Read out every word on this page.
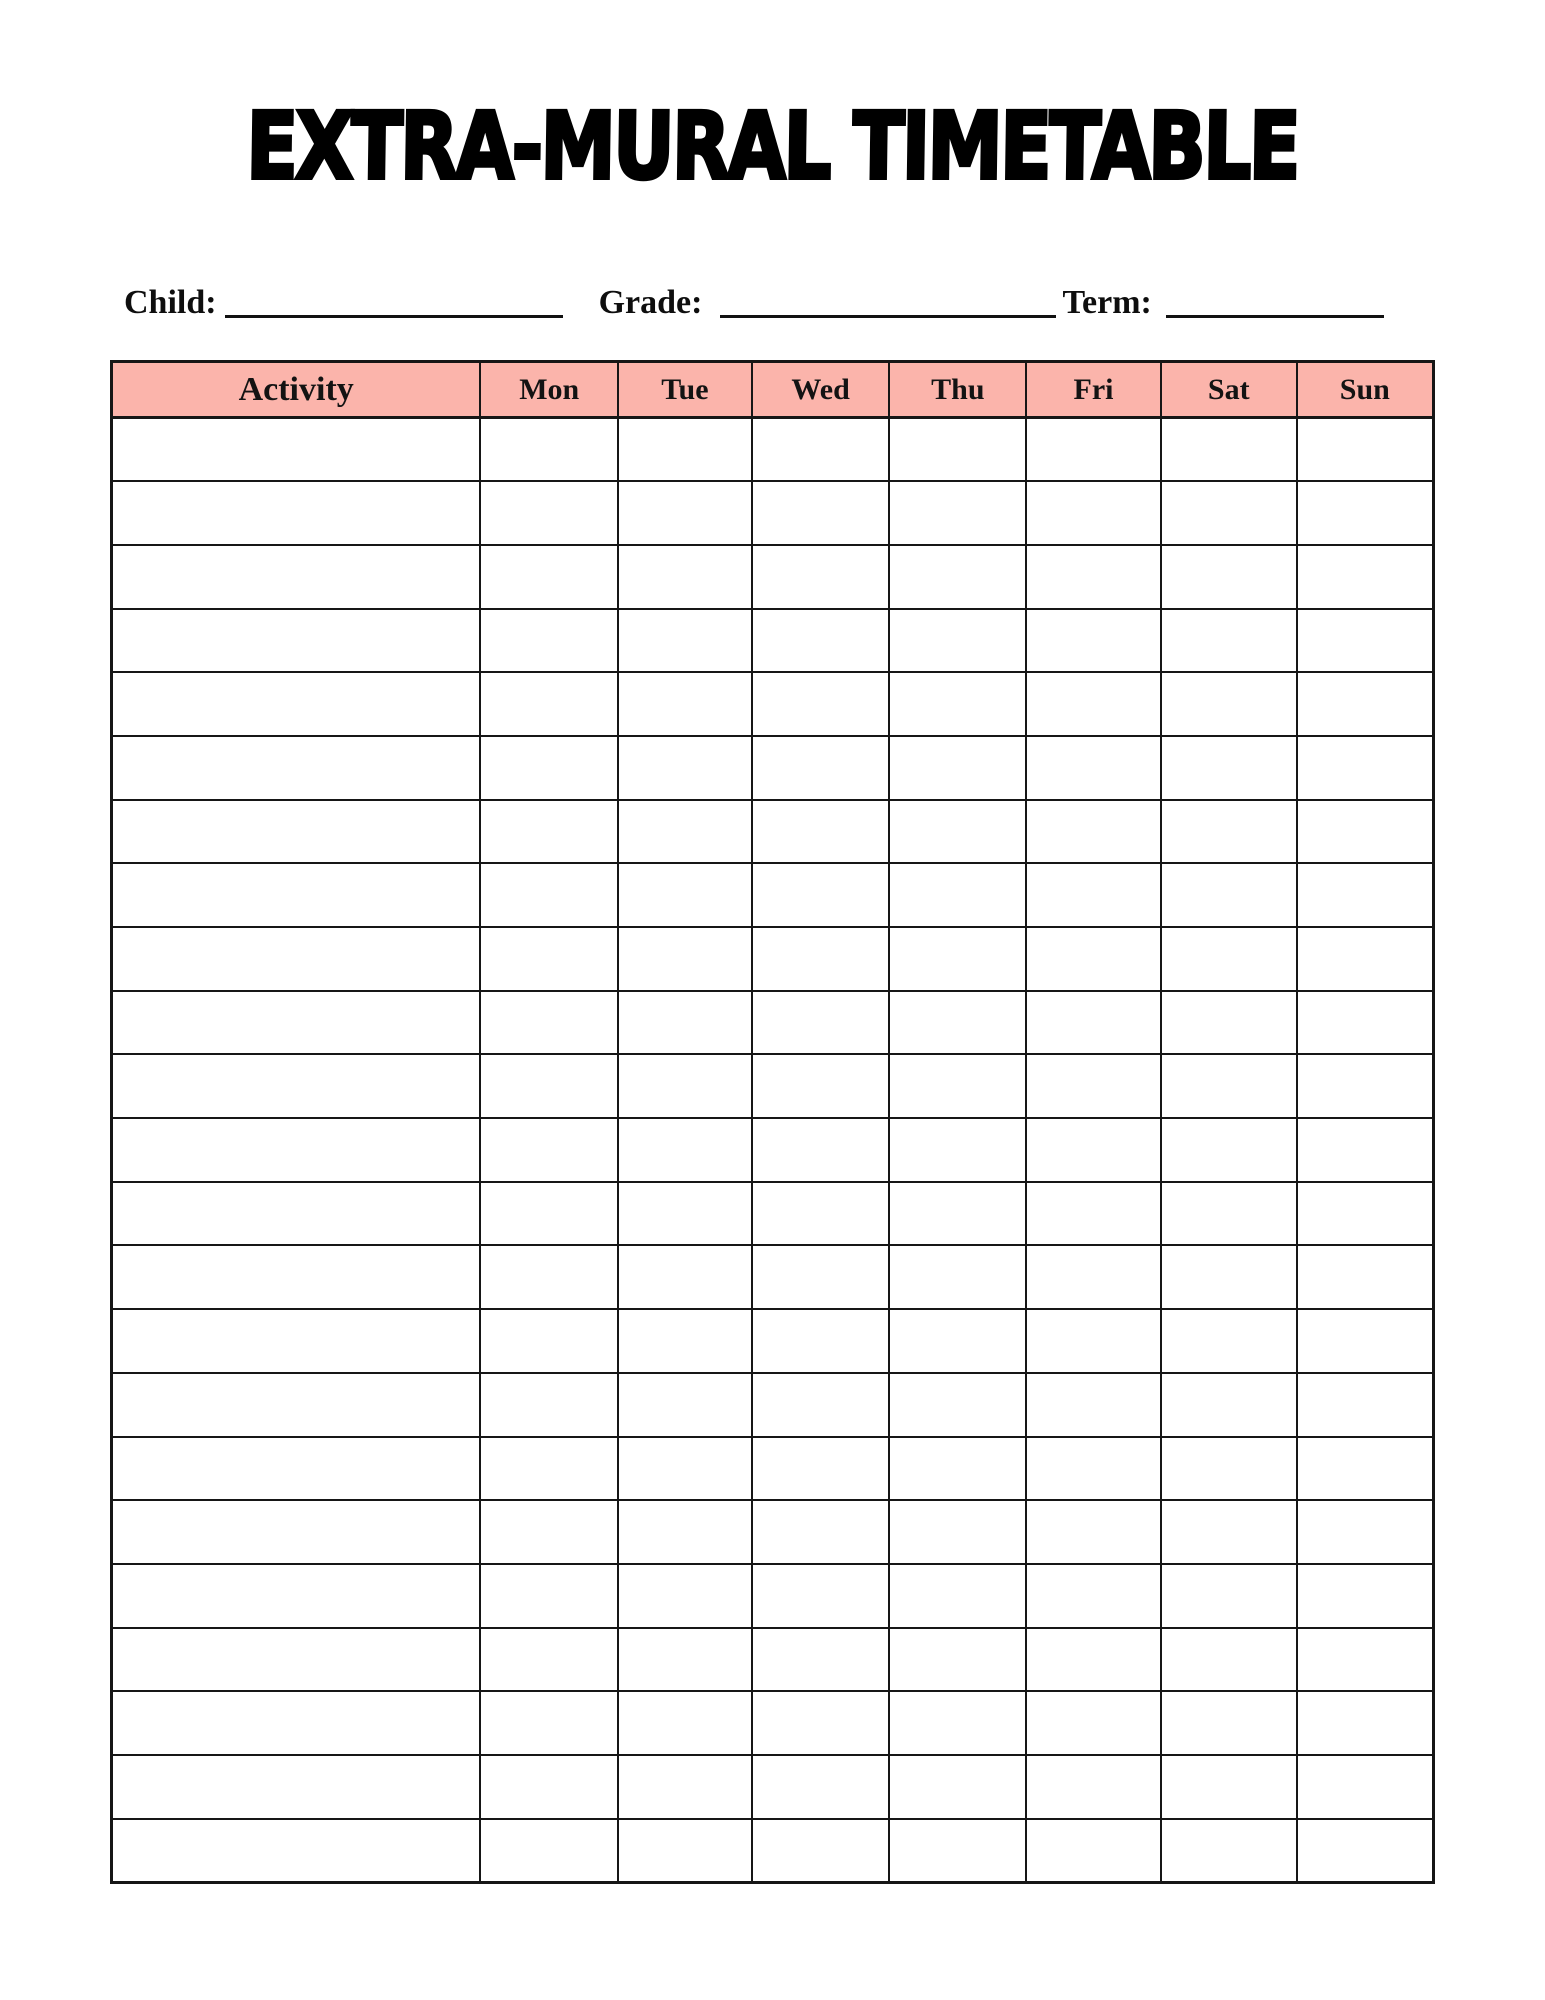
EXTRA-MURAL TIMETABLE
Child:	Grade:	Term:
Activity	Mon	Tue	Wed	Thu	Fri	Sat	Sun
